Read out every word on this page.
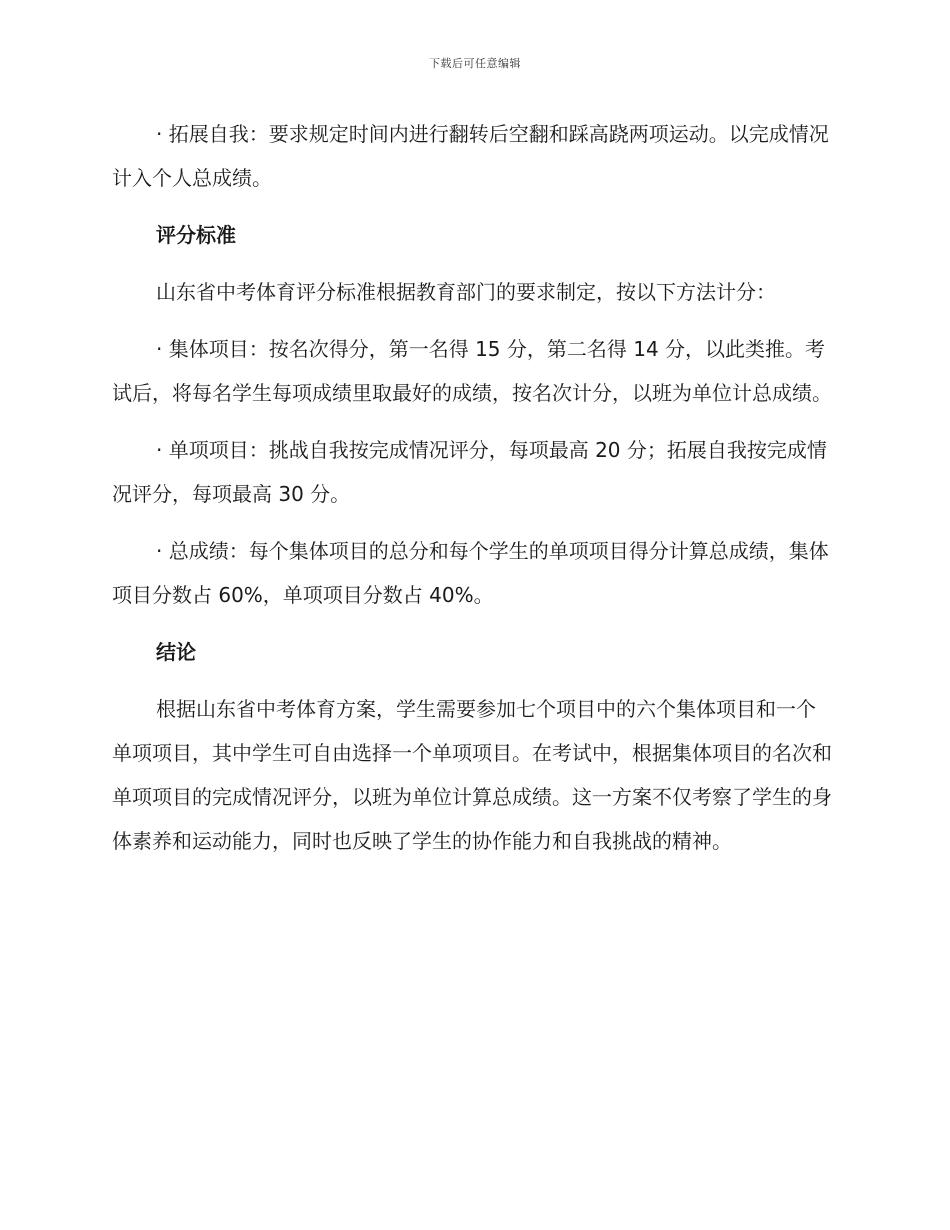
下载后可任意编辑

· 拓展自我：要求规定时间内进行翻转后空翻和踩高跷两项运动。以完成情况计入个人总成绩。

评分标准

山东省中考体育评分标准根据教育部门的要求制定，按以下方法计分：

· 集体项目：按名次得分，第一名得 15 分，第二名得 14 分，以此类推。考试后，将每名学生每项成绩里取最好的成绩，按名次计分，以班为单位计总成绩。

· 单项项目：挑战自我按完成情况评分，每项最高 20 分；拓展自我按完成情况评分，每项最高 30 分。

· 总成绩：每个集体项目的总分和每个学生的单项项目得分计算总成绩，集体项目分数占 60%，单项项目分数占 40%。

结论

根据山东省中考体育方案，学生需要参加七个项目中的六个集体项目和一个单项项目，其中学生可自由选择一个单项项目。在考试中，根据集体项目的名次和单项项目的完成情况评分，以班为单位计算总成绩。这一方案不仅考察了学生的身体素养和运动能力，同时也反映了学生的协作能力和自我挑战的精神。
